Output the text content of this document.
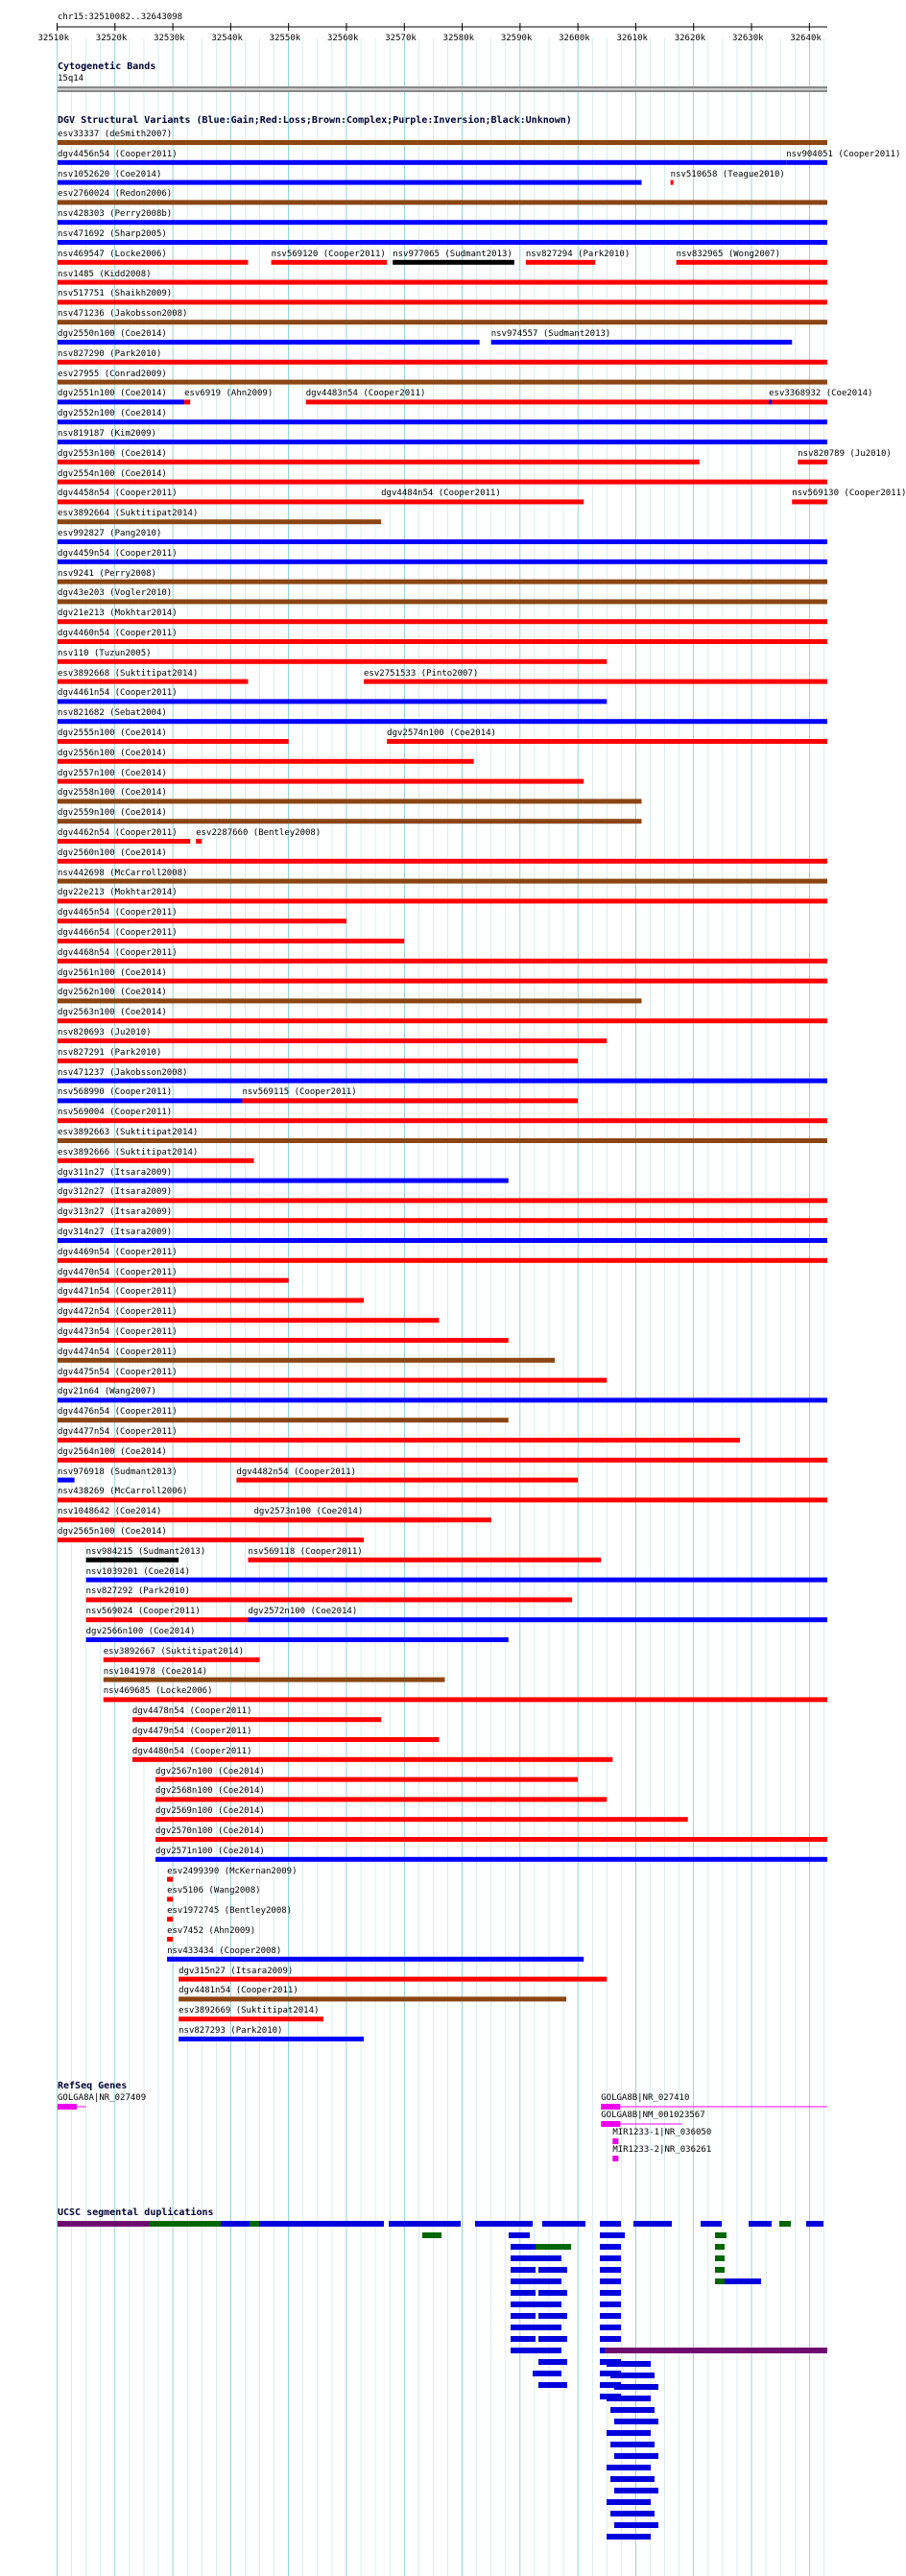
chr15:32510082..32643098
Cytogenetic Bands
15q14
DGV Structural Variants (Blue:Gain;Red:Loss;Brown:Complex;Purple:Inversion;Black:Unknown)
RefSeq Genes
UCSC segmental duplications
32510k	32520k	32530k	32540k	32550k	32560k	32570k	32580k	32590k	32600k	32610k	32620k	32630k	32640k
esv33337 (deSmith2007)
dgv4456n54 (Cooper2011)	nsv904051 (Cooper2011)
nsv1052620 (Coe2014)	nsv510658 (Teague2010)
esv2760024 (Redon2006)
nsv428303 (Perry2008b)
nsv471692 (Sharp2005)
nsv469547 (Locke2006)	nsv569120 (Cooper2011) nsv977065 (Sudmant2013) nsv827294 (Park2010)	nsv832965 (Wong2007)
nsv1485 (Kidd2008)
nsv517751 (Shaikh2009)
nsv471236 (Jakobsson2008)
nsv974557 (Sudmant2013)
dgv2550n100 (Coe2014)
nsv827290 (Park2010)
esv27955 (Conrad2009)
dgv2551n100 (Coe2014) esv6919 (Ahn2009)	dgv4483n54 (Cooper2011)	esv3368932 (Coe2014)
dgv2552n100 (Coe2014)
nsv819187 (Kim2009)
dgv2553n100 (Coe2014)	nsv820789 (Ju2010)
dgv2554n100 (Coe2014)
dgv4458n54 (Cooper2011)	dgv4484n54 (Cooper2011)	nsv569130 (Cooper2011)
esv3892664 (Suktitipat2014)
esv992827 (Pang2010)
dgv4459n54 (Cooper2011)
nsv9241 (Perry2008)
dgv43e203 (Vogler2010)
dgv21e213 (Mokhtar2014)
dgv4460n54 (Cooper2011)
nsv110 (Tuzun2005)
esv3892668 (Suktitipat2014)	esv2751533 (Pinto2007)
dgv4461n54 (Cooper2011)
nsv821682 (Sebat2004)
dgv2555n100 (Coe2014)	dgv2574n100 (Coe2014)
dgv2556n100 (Coe2014)
dgv2557n100 (Coe2014)
dgv2558n100 (Coe2014)
dgv2559n100 (Coe2014)
dgv4462n54 (Cooper2011) esv2287660 (Bentley2008)
dgv2560n100 (Coe2014)
nsv442698 (McCarroll2008)
dgv22e213 (Mokhtar2014)
dgv4465n54 (Cooper2011)
dgv4466n54 (Cooper2011)
dgv4468n54 (Cooper2011)
dgv2561n100 (Coe2014)
dgv2562n100 (Coe2014)
dgv2563n100 (Coe2014)
nsv820693 (Ju2010)
nsv827291 (Park2010)
nsv471237 (Jakobsson2008)
nsv568990 (Cooper2011)	nsv569115 (Cooper2011)
nsv569004 (Cooper2011)
esv3892663 (Suktitipat2014)
esv3892666 (Suktitipat2014)
dgv311n27 (Itsara2009)
dgv312n27 (Itsara2009)
dgv313n27 (Itsara2009)
dgv314n27 (Itsara2009)
dgv4469n54 (Cooper2011)
dgv4470n54 (Cooper2011)
dgv4471n54 (Cooper2011)
dgv4472n54 (Cooper2011)
dgv4473n54 (Cooper2011)
dgv4474n54 (Cooper2011)
dgv4475n54 (Cooper2011)
dgv21n64 (Wang2007)
dgv4476n54 (Cooper2011)
dgv4477n54 (Cooper2011)
dgv2564n100 (Coe2014)
nsv976918 (Sudmant2013)	dgv4482n54 (Cooper2011)
nsv438269 (McCarroll2006)
nsv1048642 (Coe2014)	dgv2573n100 (Coe2014)
dgv2565n100 (Coe2014)
nsv984215 (Sudmant2013)	nsv569118 (Cooper2011)
nsv1039201 (Coe2014)
nsv827292 (Park2010)
nsv569024 (Cooper2011)	dgv2572n100 (Coe2014)
dgv2566n100 (Coe2014)
esv3892667 (Suktitipat2014)
nsv1041978 (Coe2014)
nsv469685 (Locke2006)
dgv4478n54 (Cooper2011)
dgv4479n54 (Cooper2011)
dgv4480n54 (Cooper2011)
dgv2567n100 (Coe2014)
dgv2568n100 (Coe2014)
dgv2569n100 (Coe2014)
dgv2570n100 (Coe2014)
dgv2571n100 (Coe2014)
esv2499390 (McKernan2009)
esv5106 (Wang2008)
esv1972745 (Bentley2008)
esv7452 (Ahn2009)
nsv433434 (Cooper2008)
dgv315n27 (Itsara2009)
dgv4481n54 (Cooper2011)
esv3892669 (Suktitipat2014)
nsv827293 (Park2010)
GOLGA8A|NR_027409	GOLGA8B|NR_027410
GOLGA8B|NM_001023567
MIR1233-1|NR_036050
MIR1233-2|NR_036261
